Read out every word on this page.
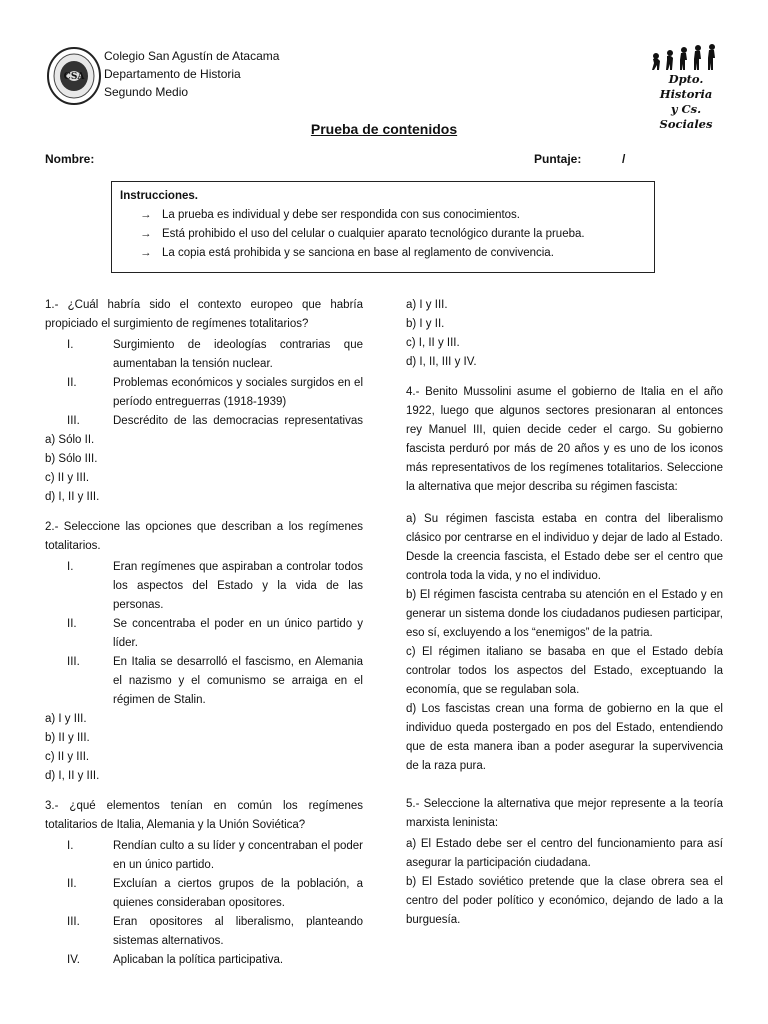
CSA
Colegio San Agustín de Atacama
Departamento de Historia
Segundo Medio
Dpto. Historia
y Cs. Sociales
Prueba de contenidos
Nombre:	Puntaje:	/
Instrucciones.
→ La prueba es individual y debe ser respondida con sus conocimientos.
→ Está prohibido el uso del celular o cualquier aparato tecnológico durante la prueba.
→ La copia está prohibida y se sanciona en base al reglamento de convivencia.
1.- ¿Cuál habría sido el contexto europeo que habría propiciado el surgimiento de regímenes totalitarios?
I.	Surgimiento de ideologías contrarias que aumentaban la tensión nuclear.
II.	Problemas económicos y sociales surgidos en el período entreguerras (1918-1939)
III.	Descrédito de las democracias representativas
a) Sólo II.
b) Sólo III.
c) II y III.
d) I, II y III.
2.- Seleccione las opciones que describan a los regímenes totalitarios.
I.	Eran regímenes que aspiraban a controlar todos los aspectos del Estado y la vida de las personas.
II.	Se concentraba el poder en un único partido y líder.
III.	En Italia se desarrolló el fascismo, en Alemania el nazismo y el comunismo se arraiga en el régimen de Stalin.
a) I y III.
b) II y III.
c) II y III.
d) I, II y III.
3.- ¿qué elementos tenían en común los regímenes totalitarios de Italia, Alemania y la Unión Soviética?
I.	Rendían culto a su líder y concentraban el poder en un único partido.
II.	Excluían a ciertos grupos de la población, a quienes consideraban opositores.
III.	Eran opositores al liberalismo, planteando sistemas alternativos.
IV.	Aplicaban la política participativa.
a) I y III.
b) I y II.
c) I, II y III.
d) I, II, III y IV.
4.- Benito Mussolini asume el gobierno de Italia en el año 1922, luego que algunos sectores presionaran al entonces rey Manuel III, quien decide ceder el cargo. Su gobierno fascista perduró por más de 20 años y es uno de los iconos más representativos de los regímenes totalitarios. Seleccione la alternativa que mejor describa su régimen fascista:
a) Su régimen fascista estaba en contra del liberalismo clásico por centrarse en el individuo y dejar de lado al Estado. Desde la creencia fascista, el Estado debe ser el centro que controla toda la vida, y no el individuo.
b) El régimen fascista centraba su atención en el Estado y en generar un sistema donde los ciudadanos pudiesen participar, eso sí, excluyendo a los “enemigos” de la patria.
c) El régimen italiano se basaba en que el Estado debía controlar todos los aspectos del Estado, exceptuando la economía, que se regulaban sola.
d) Los fascistas crean una forma de gobierno en la que el individuo queda postergado en pos del Estado, entendiendo que de esta manera iban a poder asegurar la supervivencia de la raza pura.
5.- Seleccione la alternativa que mejor represente a la teoría marxista leninista:
a) El Estado debe ser el centro del funcionamiento para así asegurar la participación ciudadana.
b) El Estado soviético pretende que la clase obrera sea el centro del poder político y económico, dejando de lado a la burguesía.
